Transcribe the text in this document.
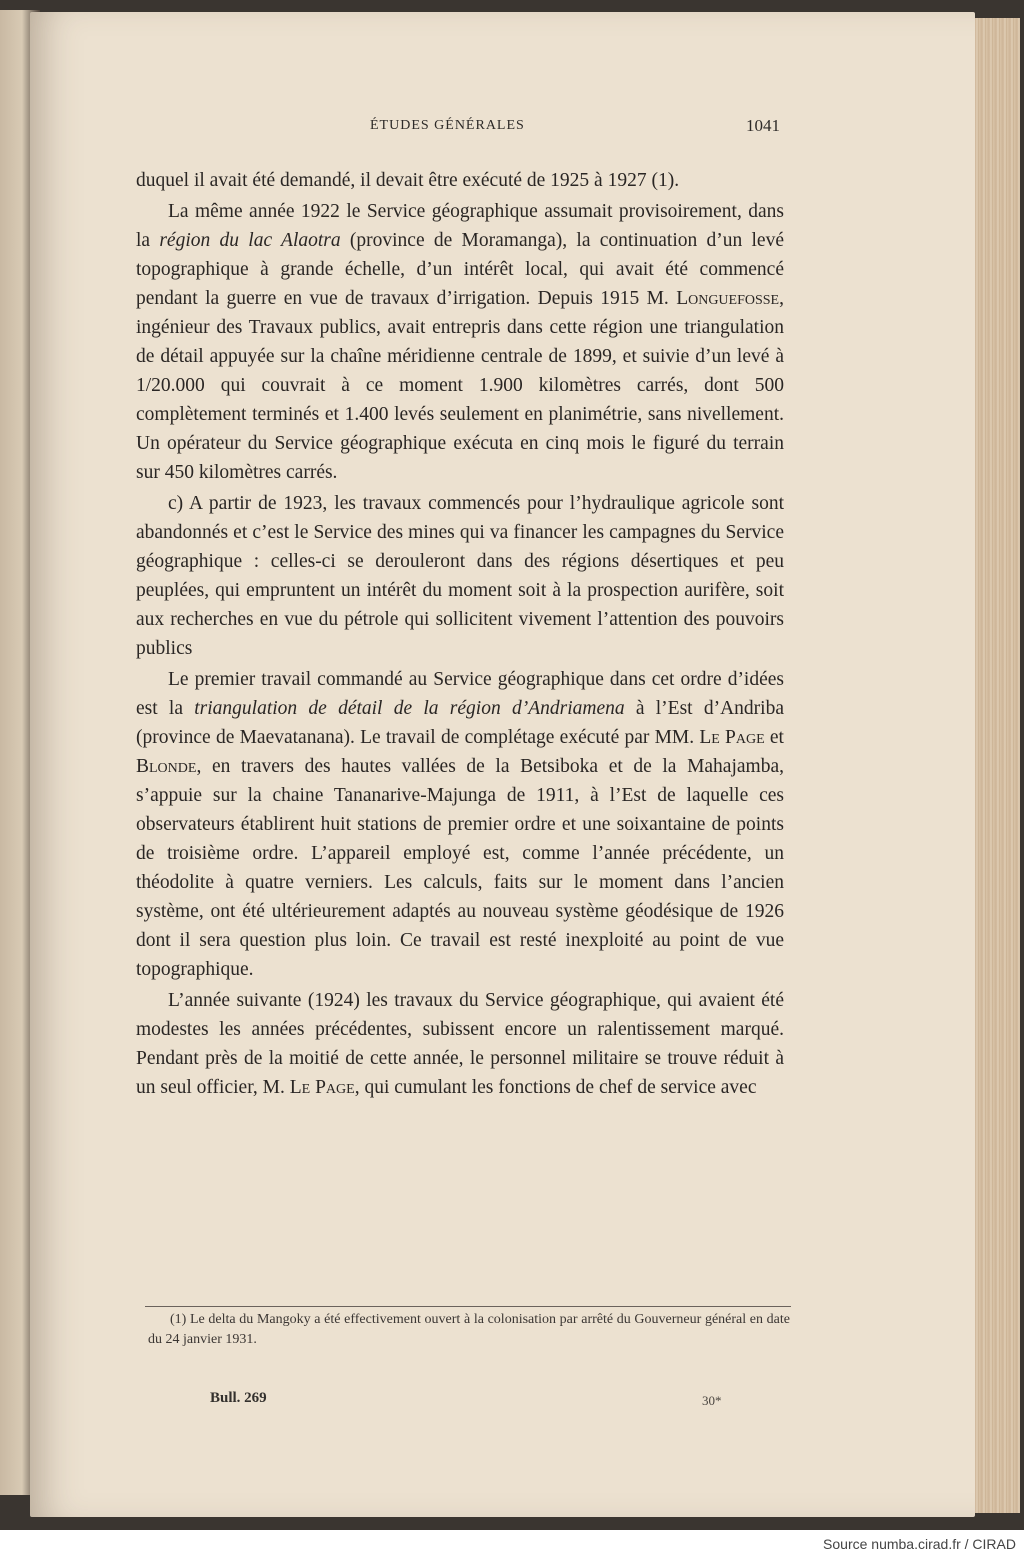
ÉTUDES GÉNÉRALES	1041

duquel il avait été demandé, il devait être exécuté de 1925 à 1927 (1).

La même année 1922 le Service géographique assumait provisoirement, dans la région du lac Alaotra (province de Moramanga), la continuation d’un levé topographique à grande échelle, d’un intérêt local, qui avait été commencé pendant la guerre en vue de travaux d’irrigation. Depuis 1915 M. Longuefosse, ingénieur des Travaux publics, avait entrepris dans cette région une triangulation de détail appuyée sur la chaîne méridienne centrale de 1899, et suivie d’un levé à 1/20.000 qui couvrait à ce moment 1.900 kilomètres carrés, dont 500 complètement terminés et 1.400 levés seulement en planimétrie, sans nivellement. Un opérateur du Service géographique exécuta en cinq mois le figuré du terrain sur 450 kilomètres carrés.

c) A partir de 1923, les travaux commencés pour l’hydraulique agricole sont abandonnés et c’est le Service des mines qui va financer les campagnes du Service géographique : celles-ci se derouleront dans des régions désertiques et peu peuplées, qui empruntent un intérêt du moment soit à la prospection aurifère, soit aux recherches en vue du pétrole qui sollicitent vivement l’attention des pouvoirs publics

Le premier travail commandé au Service géographique dans cet ordre d’idées est la triangulation de détail de la région d’Andriamena à l’Est d’Andriba (province de Maevatanana). Le travail de complétage exécuté par MM. Le Page et Blonde, en travers des hautes vallées de la Betsiboka et de la Mahajamba, s’appuie sur la chaine Tananarive-Majunga de 1911, à l’Est de laquelle ces observateurs établirent huit stations de premier ordre et une soixantaine de points de troisième ordre. L’appareil employé est, comme l’année précédente, un théodolite à quatre verniers. Les calculs, faits sur le moment dans l’ancien système, ont été ultérieurement adaptés au nouveau système géodésique de 1926 dont il sera question plus loin. Ce travail est resté inexploité au point de vue topographique.

L’année suivante (1924) les travaux du Service géographique, qui avaient été modestes les années précédentes, subissent encore un ralentissement marqué. Pendant près de la moitié de cette année, le personnel militaire se trouve réduit à un seul officier, M. Le Page, qui cumulant les fonctions de chef de service avec

(1) Le delta du Mangoky a été effectivement ouvert à la colonisation par arrêté du Gouverneur général en date du 24 janvier 1931.
Bull. 269	30*
Source numba.cirad.fr / CIRAD
